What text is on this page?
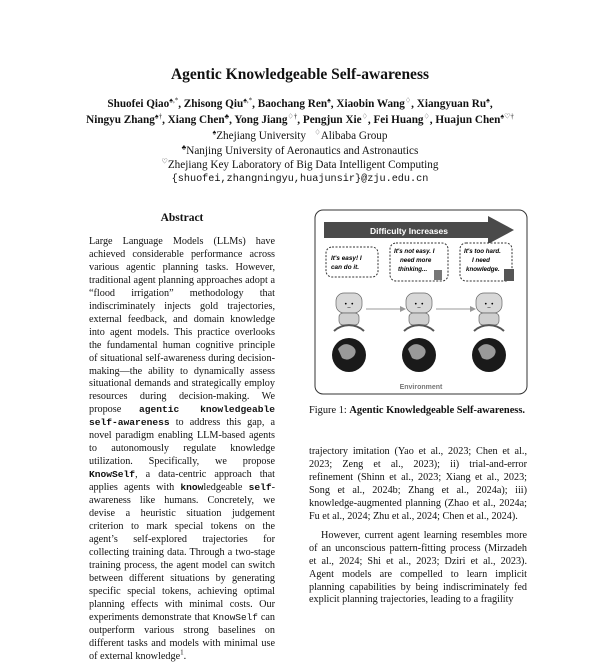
Agentic Knowledgeable Self-awareness
Shuofei Qiao♠,*, Zhisong Qiu♠,*, Baochang Ren♠, Xiaobin Wang♢, Xiangyuan Ru♠,
Ningyu Zhang♠†, Xiang Chen♣, Yong Jiang♢†, Pengjun Xie♢, Fei Huang♢, Huajun Chen♠♡†
♠Zhejiang University ♢Alibaba Group
♣Nanjing University of Aeronautics and Astronautics
♡Zhejiang Key Laboratory of Big Data Intelligent Computing
{shuofei,zhangningyu,huajunsir}@zju.edu.cn
Abstract
Large Language Models (LLMs) have achieved considerable performance across various agentic planning tasks. However, traditional agent planning approaches adopt a “flood irrigation” methodology that indiscriminately injects gold trajectories, external feedback, and domain knowledge into agent models. This practice overlooks the fundamental human cognitive principle of situational self-awareness during decision-making—the ability to dynamically assess situational demands and strategically employ resources during decision-making. We propose agentic knowledgeable self-awareness to address this gap, a novel paradigm enabling LLM-based agents to autonomously regulate knowledge utilization. Specifically, we propose KnowSelf, a data-centric approach that applies agents with knowledgeable self-awareness like humans. Concretely, we devise a heuristic situation judgement criterion to mark special tokens on the agent’s self-explored trajectories for collecting training data. Through a two-stage training process, the agent model can switch between different situations by generating specific special tokens, achieving optimal planning effects with minimal costs. Our experiments demonstrate that KnowSelf can outperform various strong baselines on different tasks and models with minimal use of external knowledge$^1$.
Difficulty Increases
It's easy! I can do it.
It's not easy. I need more thinking...
It's too hard. I need knowledge.
•_•	•_•	•_•
Environment
Figure 1: Agentic Knowledgeable Self-awareness.

trajectory imitation (Yao et al., 2023; Chen et al., 2023; Zeng et al., 2023); ii) trial-and-error refinement (Shinn et al., 2023; Xiang et al., 2023; Song et al., 2024b; Zhang et al., 2024a); iii) knowledge-augmented planning (Zhao et al., 2024a; Fu et al., 2024; Zhu et al., 2024; Chen et al., 2024).

However, current agent learning resembles more of an unconscious pattern-fitting process (Mirzadeh et al., 2024; Shi et al., 2023; Dziri et al., 2023). Agent models are compelled to learn implicit planning capabilities by being indiscriminately fed explicit planning trajectories, leading to a fragility
